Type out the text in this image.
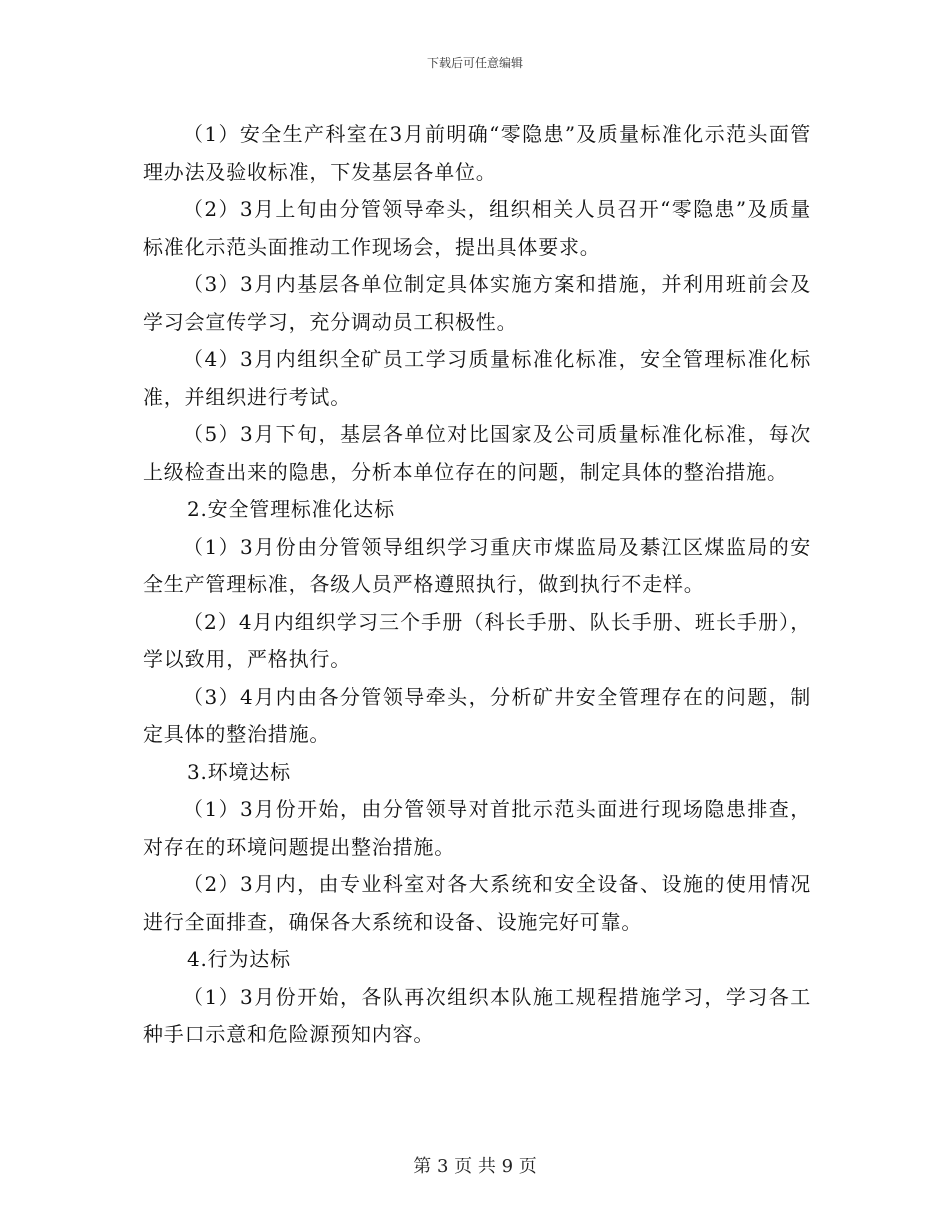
下载后可任意编辑

（1）安全生产科室在3月前明确“零隐患”及质量标准化示范头面管理办法及验收标准，下发基层各单位。

（2）3月上旬由分管领导牵头，组织相关人员召开“零隐患”及质量标准化示范头面推动工作现场会，提出具体要求。

（3）3月内基层各单位制定具体实施方案和措施，并利用班前会及学习会宣传学习，充分调动员工积极性。

（4）3月内组织全矿员工学习质量标准化标准，安全管理标准化标准，并组织进行考试。

（5）3月下旬，基层各单位对比国家及公司质量标准化标准，每次上级检查出来的隐患，分析本单位存在的问题，制定具体的整治措施。

2.安全管理标准化达标

（1）3月份由分管领导组织学习重庆市煤监局及綦江区煤监局的安全生产管理标准，各级人员严格遵照执行，做到执行不走样。

（2）4月内组织学习三个手册（科长手册、队长手册、班长手册），学以致用，严格执行。

（3）4月内由各分管领导牵头，分析矿井安全管理存在的问题，制定具体的整治措施。

3.环境达标

（1）3月份开始，由分管领导对首批示范头面进行现场隐患排查，对存在的环境问题提出整治措施。

（2）3月内，由专业科室对各大系统和安全设备、设施的使用情况进行全面排查，确保各大系统和设备、设施完好可靠。

4.行为达标

（1）3月份开始，各队再次组织本队施工规程措施学习，学习各工种手口示意和危险源预知内容。

第 3 页 共 9 页
